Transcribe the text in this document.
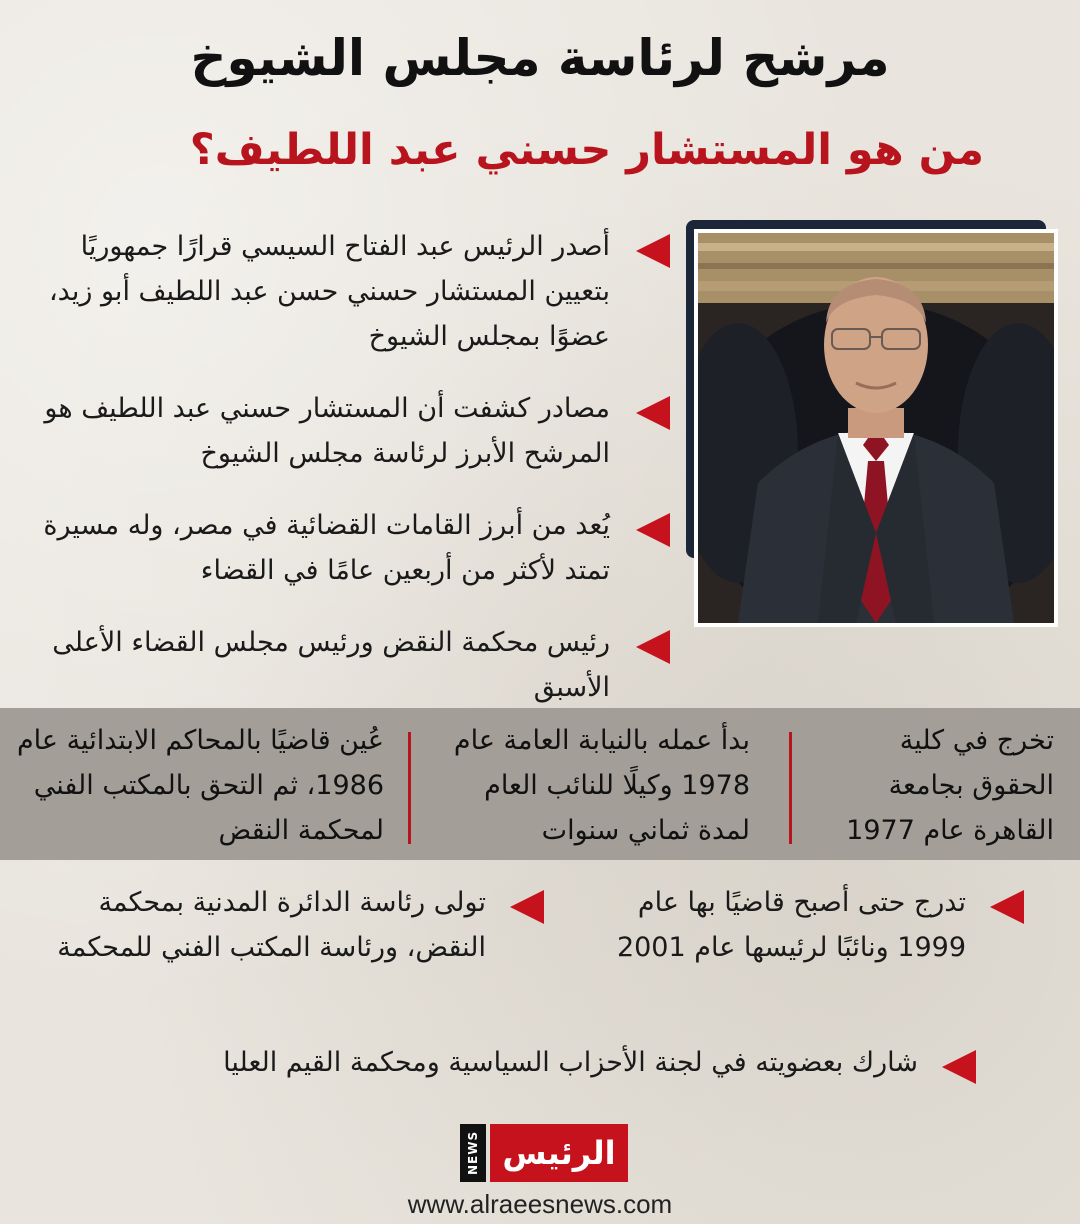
مرشح لرئاسة مجلس الشيوخ
من هو المستشار حسني عبد اللطيف؟
أصدر الرئيس عبد الفتاح السيسي قرارًا جمهوريًا بتعيين المستشار حسني حسن عبد اللطيف أبو زيد، عضوًا بمجلس الشيوخ
مصادر كشفت أن المستشار حسني عبد اللطيف هو المرشح الأبرز لرئاسة مجلس الشيوخ
يُعد من أبرز القامات القضائية في مصر، وله مسيرة تمتد لأكثر من أربعين عامًا في القضاء
رئيس محكمة النقض ورئيس مجلس القضاء الأعلى الأسبق
تخرج في كلية الحقوق بجامعة القاهرة عام 1977
بدأ عمله بالنيابة العامة عام 1978 وكيلًا للنائب العام لمدة ثماني سنوات
عُين قاضيًا بالمحاكم الابتدائية عام 1986، ثم التحق بالمكتب الفني لمحكمة النقض
تدرج حتى أصبح قاضيًا بها عام 1999 ونائبًا لرئيسها عام 2001
تولى رئاسة الدائرة المدنية بمحكمة النقض، ورئاسة المكتب الفني للمحكمة
شارك بعضويته في لجنة الأحزاب السياسية ومحكمة القيم العليا
NEWS الرئيس
www.alraeesnews.com
